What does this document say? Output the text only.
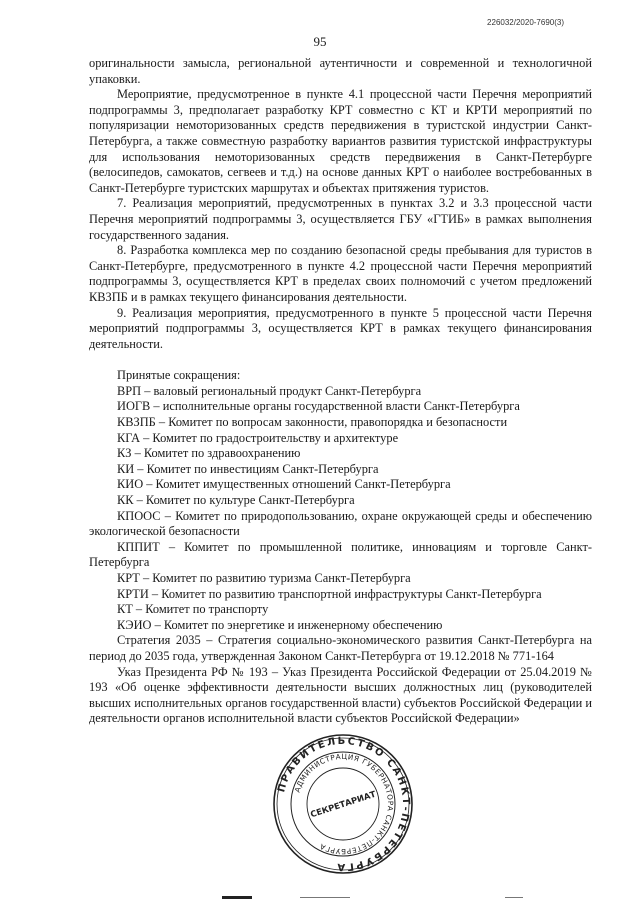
226032/2020-7690(3)
95

оригинальности замысла, региональной аутентичности и современной и технологичной упаковки.

Мероприятие, предусмотренное в пункте 4.1 процессной части Перечня мероприятий подпрограммы 3, предполагает разработку КРТ совместно с КТ и КРТИ мероприятий по популяризации немоторизованных средств передвижения в туристской индустрии Санкт-Петербурга, а также совместную разработку вариантов развития туристской инфраструктуры для использования немоторизованных средств передвижения в Санкт-Петербурге (велосипедов, самокатов, сегвеев и т.д.) на основе данных КРТ о наиболее востребованных в Санкт-Петербурге туристских маршрутах и объектах притяжения туристов.

7. Реализация мероприятий, предусмотренных в пунктах 3.2 и 3.3 процессной части Перечня мероприятий подпрограммы 3, осуществляется ГБУ «ГТИБ» в рамках выполнения государственного задания.

8. Разработка комплекса мер по созданию безопасной среды пребывания для туристов в Санкт-Петербурге, предусмотренного в пункте 4.2 процессной части Перечня мероприятий подпрограммы 3, осуществляется КРТ в пределах своих полномочий с учетом предложений КВЗПБ и в рамках текущего финансирования деятельности.

9. Реализация мероприятия, предусмотренного в пункте 5 процессной части Перечня мероприятий подпрограммы 3, осуществляется КРТ в рамках текущего финансирования деятельности.

Принятые сокращения:

ВРП – валовый региональный продукт Санкт-Петербурга

ИОГВ – исполнительные органы государственной власти Санкт-Петербурга

КВЗПБ – Комитет по вопросам законности, правопорядка и безопасности

КГА – Комитет по градостроительству и архитектуре

КЗ – Комитет по здравоохранению

КИ – Комитет по инвестициям Санкт-Петербурга

КИО – Комитет имущественных отношений Санкт-Петербурга

КК – Комитет по культуре Санкт-Петербурга

КПООС – Комитет по природопользованию, охране окружающей среды и обеспечению экологической безопасности

КППИТ – Комитет по промышленной политике, инновациям и торговле Санкт-Петербурга

КРТ – Комитет по развитию туризма Санкт-Петербурга

КРТИ – Комитет по развитию транспортной инфраструктуры Санкт-Петербурга

КТ – Комитет по транспорту

КЭИО – Комитет по энергетике и инженерному обеспечению

Стратегия 2035 – Стратегия социально-экономического развития Санкт-Петербурга на период до 2035 года, утвержденная Законом Санкт-Петербурга от 19.12.2018 № 771-164

Указ Президента РФ № 193 – Указ Президента Российской Федерации от 25.04.2019 № 193 «Об оценке эффективности деятельности высших должностных лиц (руководителей высших исполнительных органов государственной власти) субъектов Российской Федерации и деятельности органов исполнительной власти субъектов Российской Федерации»

ПРАВИТЕЛЬСТВО САНКТ-ПЕТЕРБУРГА
АДМИНИСТРАЦИЯ ГУБЕРНАТОРА САНКТ-ПЕТЕРБУРГА
СЕКРЕТАРИАТ
